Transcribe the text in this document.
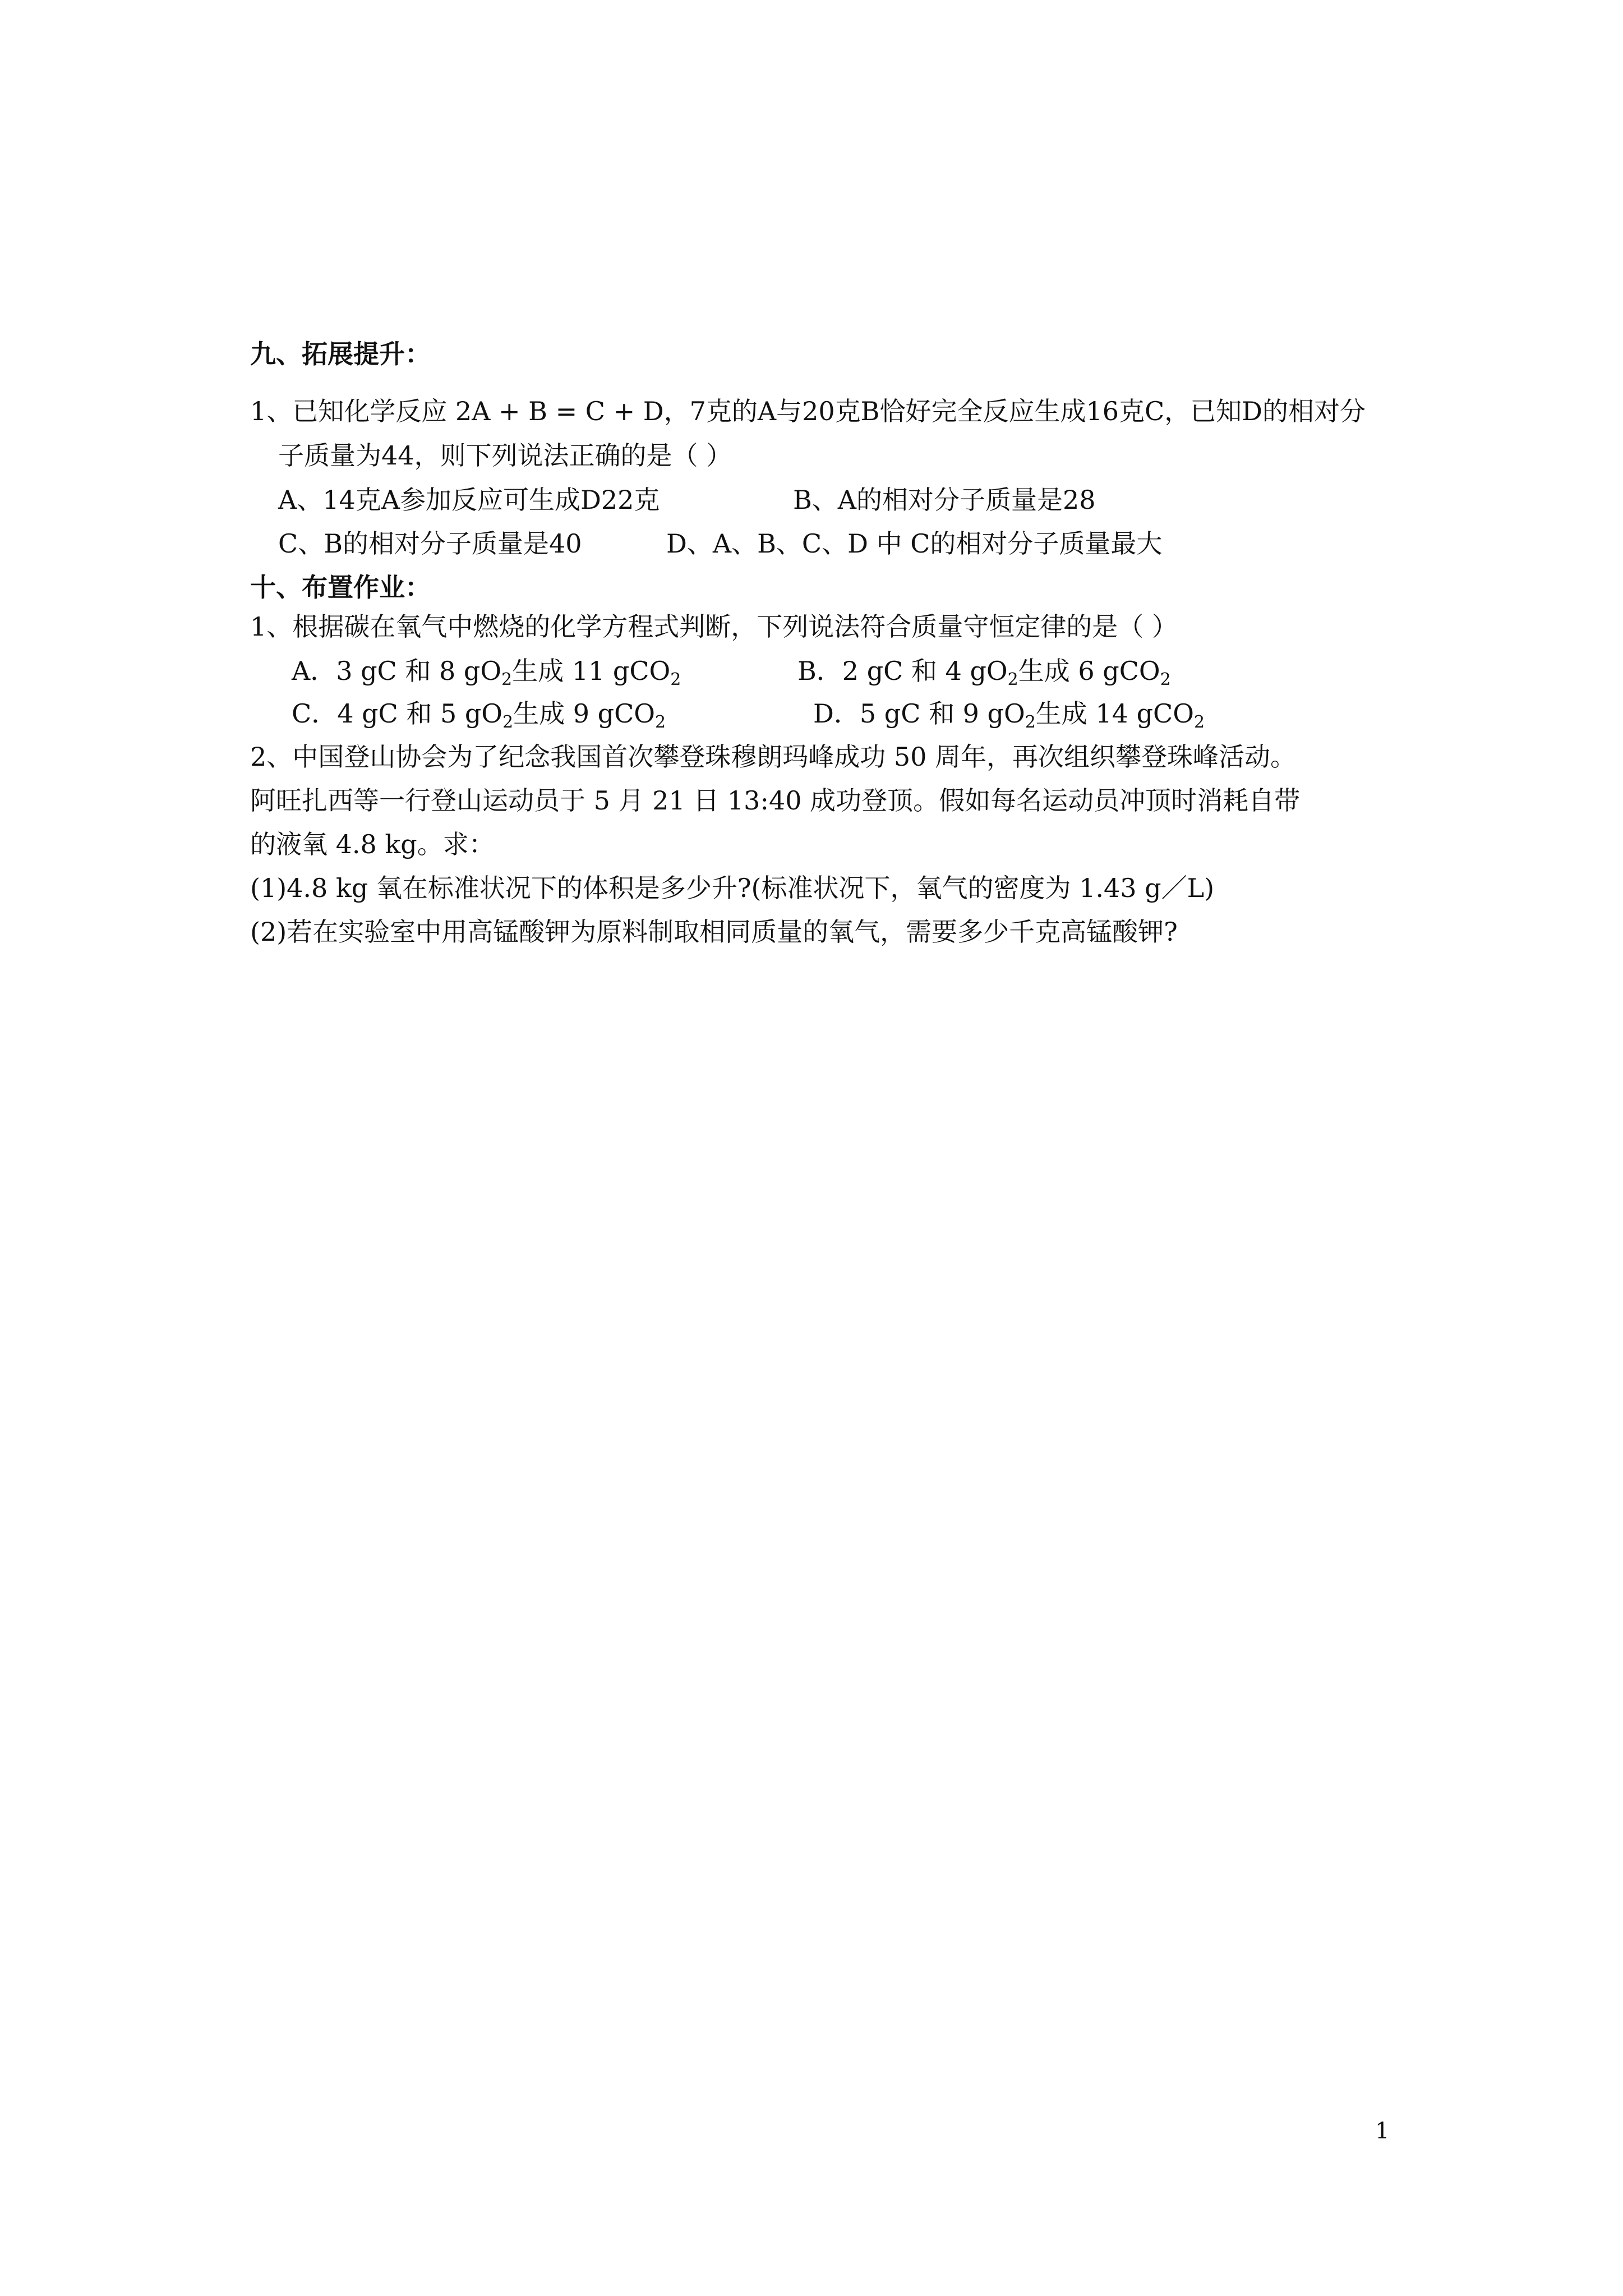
九、拓展提升：
1、已知化学反应 2A + B = C + D，7克的A与20克B恰好完全反应生成16克C，已知D的相对分
子质量为44，则下列说法正确的是（ ）
A、14克A参加反应可生成D22克	B、A的相对分子质量是28
C、B的相对分子质量是40	D、A、B、C、D 中 C的相对分子质量最大
十、布置作业：
1、根据碳在氧气中燃烧的化学方程式判断，下列说法符合质量守恒定律的是（ ）
A．3 gC 和 8 $gO_2$生成 11 gCO$_2$	B．2 gC 和 4 $gO_2$生成 6 gCO$_2$
C．4 gC 和 5 $gO_2$生成 9 gCO$_2$	D．5 gC 和 9 $gO_2$生成 14 gCO$_2$
2、中国登山协会为了纪念我国首次攀登珠穆朗玛峰成功 50 周年，再次组织攀登珠峰活动。
阿旺扎西等一行登山运动员于 5 月 21 日 13:40 成功登顶。假如每名运动员冲顶时消耗自带
的液氧 4.8 kg。求：
(1)4.8 kg 氧在标准状况下的体积是多少升?(标准状况下，氧气的密度为 1.43 g／L)
(2)若在实验室中用高锰酸钾为原料制取相同质量的氧气，需要多少千克高锰酸钾?
1
